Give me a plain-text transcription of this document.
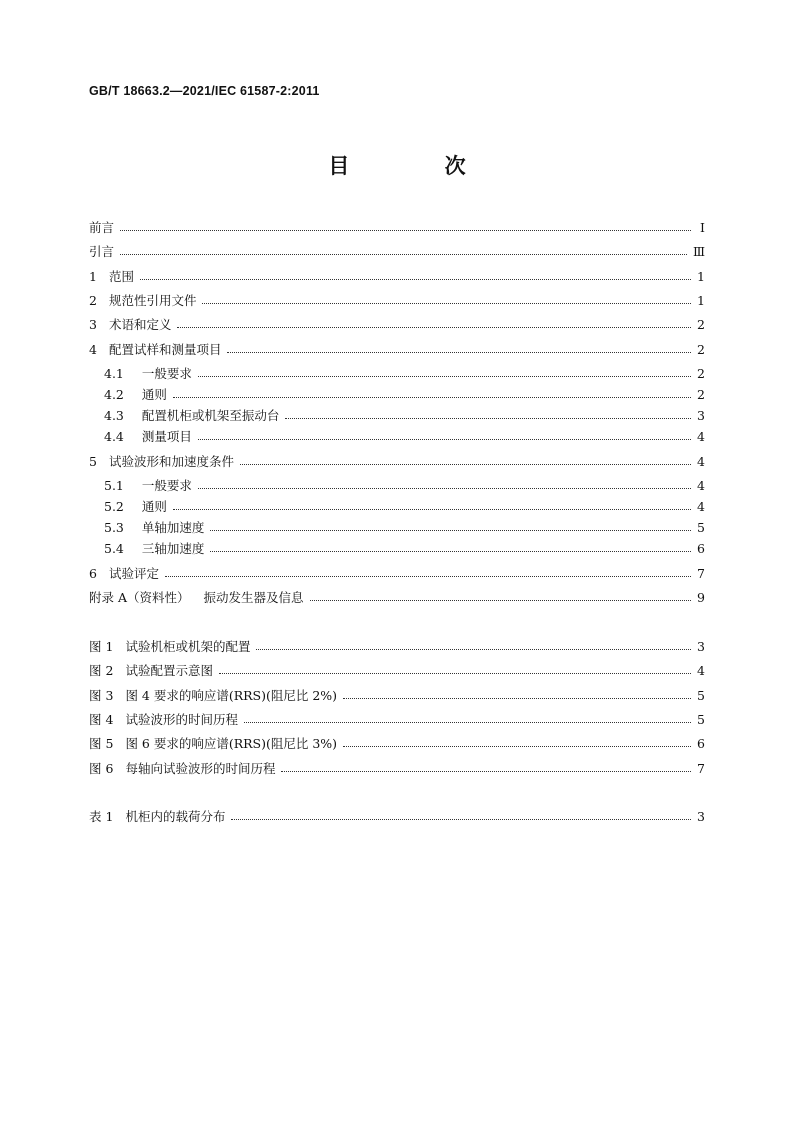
GB/T 18663.2—2021/IEC 61587-2:2011
目 次
前言	Ⅰ
引言	Ⅲ
1 范围	1
2 规范性引用文件	1
3 术语和定义	2
4 配置试样和测量项目	2
4.1 一般要求	2
4.2 通则	2
4.3 配置机柜或机架至振动台	3
4.4 测量项目	4
5 试验波形和加速度条件	4
5.1 一般要求	4
5.2 通则	4
5.3 单轴加速度	5
5.4 三轴加速度	6
6 试验评定	7
附录 A（资料性） 振动发生器及信息	9
图 1 试验机柜或机架的配置	3
图 2 试验配置示意图	4
图 3 图 4 要求的响应谱(RRS)(阻尼比 2%)	5
图 4 试验波形的时间历程	5
图 5 图 6 要求的响应谱(RRS)(阻尼比 3%)	6
图 6 每轴向试验波形的时间历程	7
表 1 机柜内的载荷分布	3
